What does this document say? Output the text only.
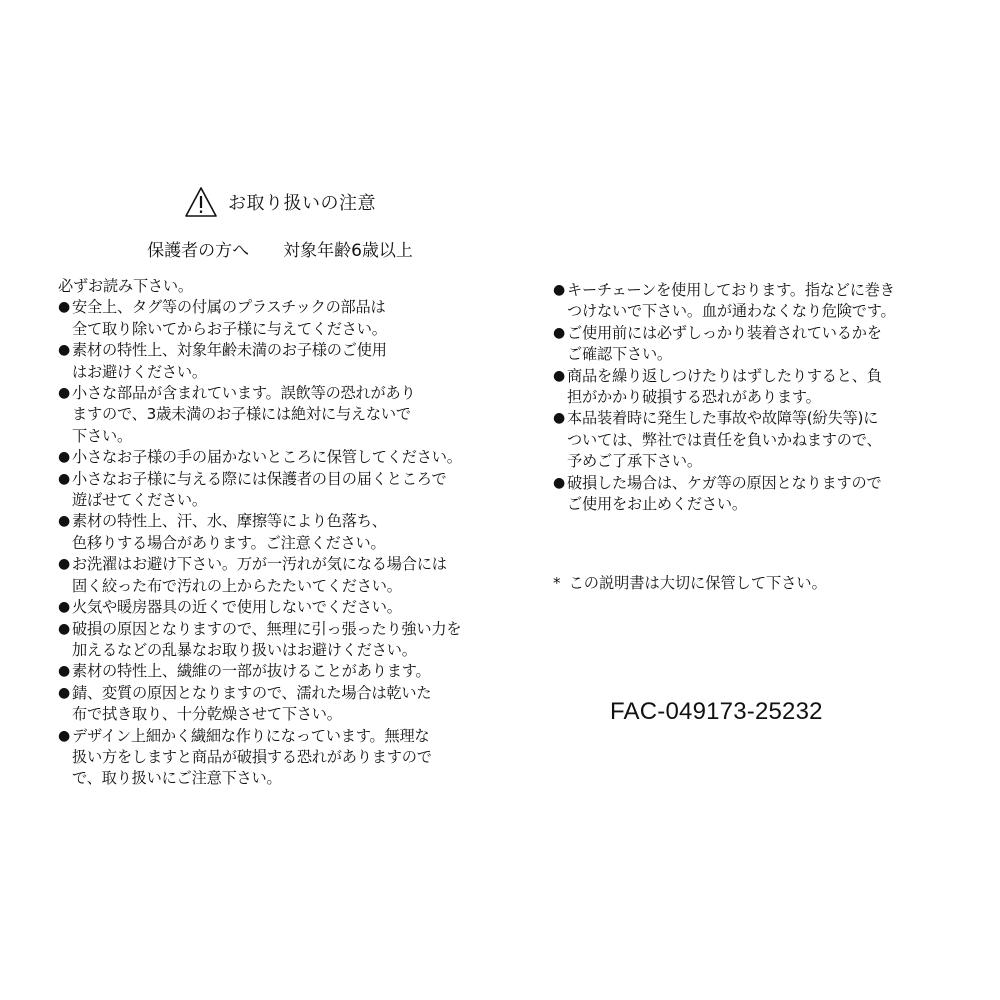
お取り扱いの注意
保護者の方へ 対象年齢6歳以上

必ずお読み下さい。

● 安全上、タグ等の付属のプラスチックの部品は
全て取り除いてからお子様に与えてください。
● 素材の特性上、対象年齢未満のお子様のご使用
はお避けください。
● 小さな部品が含まれています。誤飲等の恐れがあり
ますので、3歳未満のお子様には絶対に与えないで
下さい。
● 小さなお子様の手の届かないところに保管してください。
● 小さなお子様に与える際には保護者の目の届くところで
遊ばせてください。
● 素材の特性上、汗、水、摩擦等により色落ち、
色移りする場合があります。ご注意ください。
● お洗濯はお避け下さい。万が一汚れが気になる場合には
固く絞った布で汚れの上からたたいてください。
● 火気や暖房器具の近くで使用しないでください。
● 破損の原因となりますので、無理に引っ張ったり強い力を
加えるなどの乱暴なお取り扱いはお避けください。
● 素材の特性上、繊維の一部が抜けることがあります。
● 錆、変質の原因となりますので、濡れた場合は乾いた
布で拭き取り、十分乾燥させて下さい。
● デザイン上細かく繊細な作りになっています。無理な
扱い方をしますと商品が破損する恐れがありますので
で、取り扱いにご注意下さい。
● キーチェーンを使用しております。指などに巻き
つけないで下さい。血が通わなくなり危険です。
● ご使用前には必ずしっかり装着されているかを
ご確認下さい。
● 商品を繰り返しつけたりはずしたりすると、負
担がかかり破損する恐れがあります。
● 本品装着時に発生した事故や故障等(紛失等)に
ついては、弊社では責任を負いかねますので、
予めご了承下さい。
● 破損した場合は、ケガ等の原因となりますので
ご使用をお止めください。
* この説明書は大切に保管して下さい。
FAC-049173-25232
